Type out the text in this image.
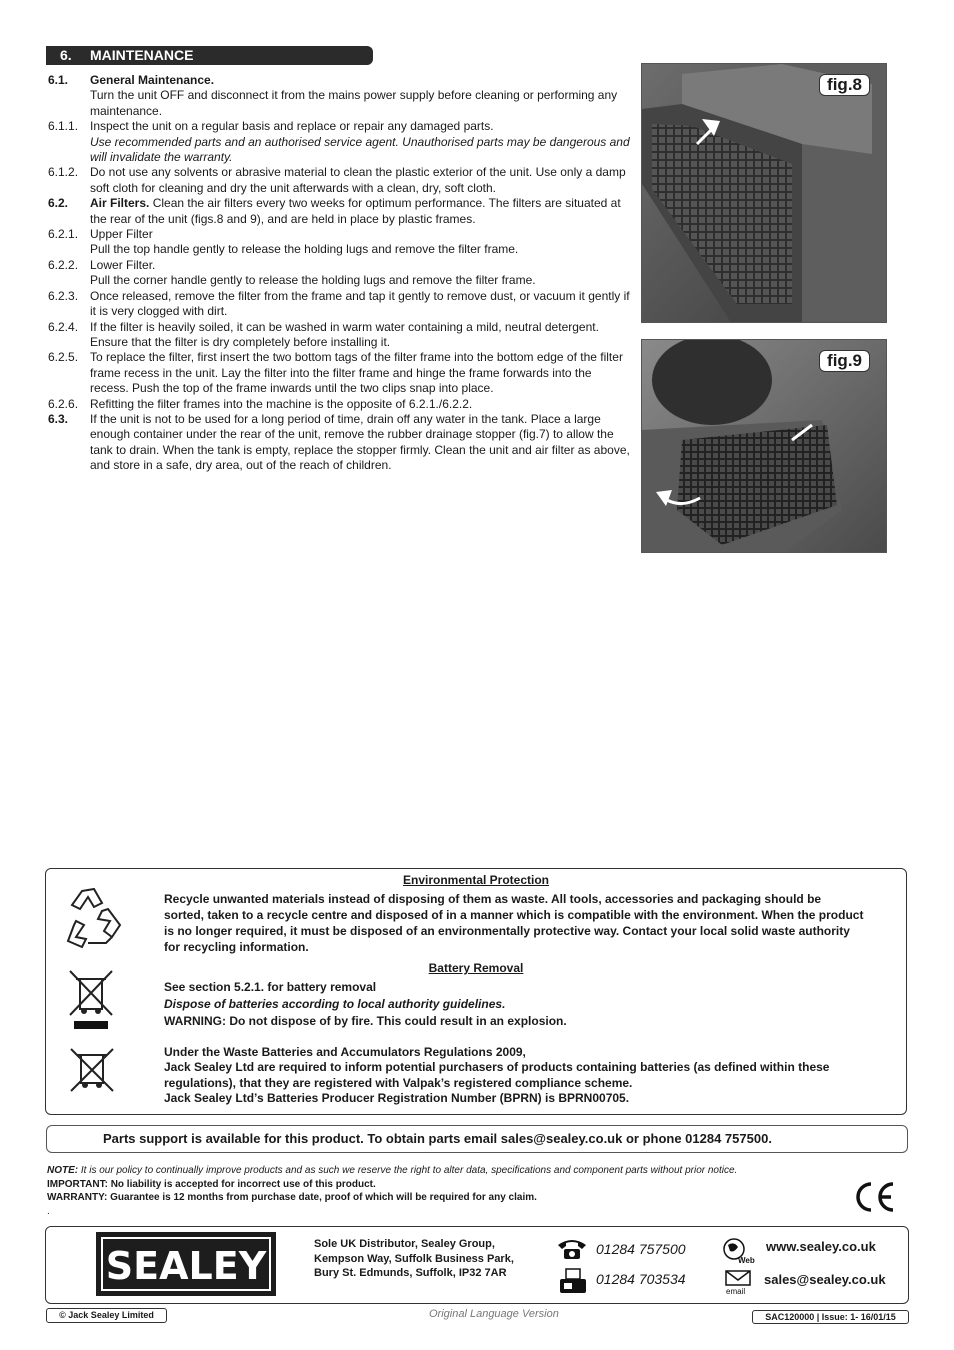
6. MAINTENANCE
6.1.	General Maintenance.
Turn the unit OFF and disconnect it from the mains power supply before cleaning or performing any maintenance.
6.1.1. Inspect the unit on a regular basis and replace or repair any damaged parts.
Use recommended parts and an authorised service agent. Unauthorised parts may be dangerous and will invalidate the warranty.
6.1.2. Do not use any solvents or abrasive material to clean the plastic exterior of the unit. Use only a damp soft cloth for cleaning and dry the unit afterwards with a clean, dry, soft cloth.
6.2.	Air Filters. Clean the air filters every two weeks for optimum performance. The filters are situated at the rear of the unit (figs.8 and 9), and are held in place by plastic frames.
6.2.1. Upper Filter
Pull the top handle gently to release the holding lugs and remove the filter frame.
6.2.2. Lower Filter.
Pull the corner handle gently to release the holding lugs and remove the filter frame.
6.2.3. Once released, remove the filter from the frame and tap it gently to remove dust, or vacuum it gently if it is very clogged with dirt.
6.2.4. If the filter is heavily soiled, it can be washed in warm water containing a mild, neutral detergent. Ensure that the filter is dry completely before installing it.
6.2.5. To replace the filter, first insert the two bottom tags of the filter frame into the bottom edge of the filter frame recess in the unit. Lay the filter into the filter frame and hinge the frame forwards into the recess. Push the top of the frame inwards until the two clips snap into place.
6.2.6. Refitting the filter frames into the machine is the opposite of 6.2.1./6.2.2.
6.3.	If the unit is not to be used for a long period of time, drain off any water in the tank. Place a large enough container under the rear of the unit, remove the rubber drainage stopper (fig.7) to allow the tank to drain. When the tank is empty, replace the stopper firmly. Clean the unit and air filter as above, and store in a safe, dry area, out of the reach of children.
fig.8
fig.9
Environmental Protection
Recycle unwanted materials instead of disposing of them as waste. All tools, accessories and packaging should be sorted, taken to a recycle centre and disposed of in a manner which is compatible with the environment. When the product is no longer required, it must be disposed of an environmentally protective way. Contact your local solid waste authority for recycling information.
Battery Removal
See section 5.2.1. for battery removal
Dispose of batteries according to local authority guidelines.
WARNING: Do not dispose of by fire. This could result in an explosion.
Under the Waste Batteries and Accumulators Regulations 2009,
Jack Sealey Ltd are required to inform potential purchasers of products containing batteries (as defined within these regulations), that they are registered with Valpak’s registered compliance scheme.
Jack Sealey Ltd’s Batteries Producer Registration Number (BPRN) is BPRN00705.
Parts support is available for this product. To obtain parts email sales@sealey.co.uk or phone 01284 757500.
NOTE: It is our policy to continually improve products and as such we reserve the right to alter data, specifications and component parts without prior notice.
IMPORTANT: No liability is accepted for incorrect use of this product.
WARRANTY: Guarantee is 12 months from purchase date, proof of which will be required for any claim.
.
SEALEY	Sole UK Distributor, Sealey Group, Kempson Way, Suffolk Business Park, Bury St. Edmunds, Suffolk, IP32 7AR
01284 757500
01284 703534
Web
www.sealey.co.uk
email
sales@sealey.co.uk
© Jack Sealey Limited	Original Language Version	SAC120000 | Issue: 1- 16/01/15
